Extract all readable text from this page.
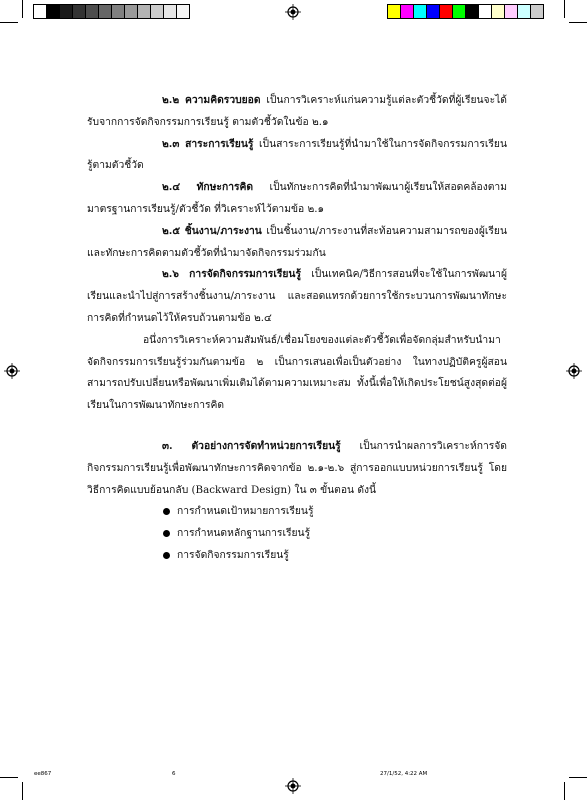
๒.๒ ความคิดรวบยอด เป็นการวิเคราะห์แก่นความรู้แต่ละตัวชี้วัดที่ผู้เรียนจะได้รับจากการจัดกิจกรรมการเรียนรู้ ตามตัวชี้วัดในข้อ ๒.๑

๒.๓ สาระการเรียนรู้ เป็นสาระการเรียนรู้ที่นำมาใช้ในการจัดกิจกรรมการเรียนรู้ตามตัวชี้วัด

๒.๔ ทักษะการคิด เป็นทักษะการคิดที่นำมาพัฒนาผู้เรียนให้สอดคล้องตามมาตรฐานการเรียนรู้/ตัวชี้วัด ที่วิเคราะห์ไว้ตามข้อ ๒.๑

๒.๕ ชิ้นงาน/ภาระงาน เป็นชิ้นงาน/ภาระงานที่สะท้อนความสามารถของผู้เรียนและทักษะการคิดตามตัวชี้วัดที่นำมาจัดกิจกรรมร่วมกัน

๒.๖ การจัดกิจกรรมการเรียนรู้ เป็นเทคนิค/วิธีการสอนที่จะใช้ในการพัฒนาผู้เรียนและนำไปสู่การสร้างชิ้นงาน/ภาระงาน และสอดแทรกด้วยการใช้กระบวนการพัฒนาทักษะการคิดที่กำหนดไว้ให้ครบถ้วนตามข้อ ๒.๔

อนึ่งการวิเคราะห์ความสัมพันธ์/เชื่อมโยงของแต่ละตัวชี้วัดเพื่อจัดกลุ่มสำหรับนำมาจัดกิจกรรมการเรียนรู้ร่วมกันตามข้อ ๒ เป็นการเสนอเพื่อเป็นตัวอย่าง ในทางปฏิบัติครูผู้สอนสามารถปรับเปลี่ยนหรือพัฒนาเพิ่มเติมได้ตามความเหมาะสม ทั้งนี้เพื่อให้เกิดประโยชน์สูงสุดต่อผู้เรียนในการพัฒนาทักษะการคิด

๓. ตัวอย่างการจัดทำหน่วยการเรียนรู้ เป็นการนำผลการวิเคราะห์การจัดกิจกรรมการเรียนรู้เพื่อพัฒนาทักษะการคิดจากข้อ ๒.๑-๒.๖ สู่การออกแบบหน่วยการเรียนรู้ โดยวิธีการคิดแบบย้อนกลับ (Backward Design) ใน ๓ ขั้นตอน ดังนี้

การกำหนดเป้าหมายการเรียนรู้
การกำหนดหลักฐานการเรียนรู้
การจัดกิจกรรมการเรียนรู้
ee867	6	27/1/52, 4:22 AM
